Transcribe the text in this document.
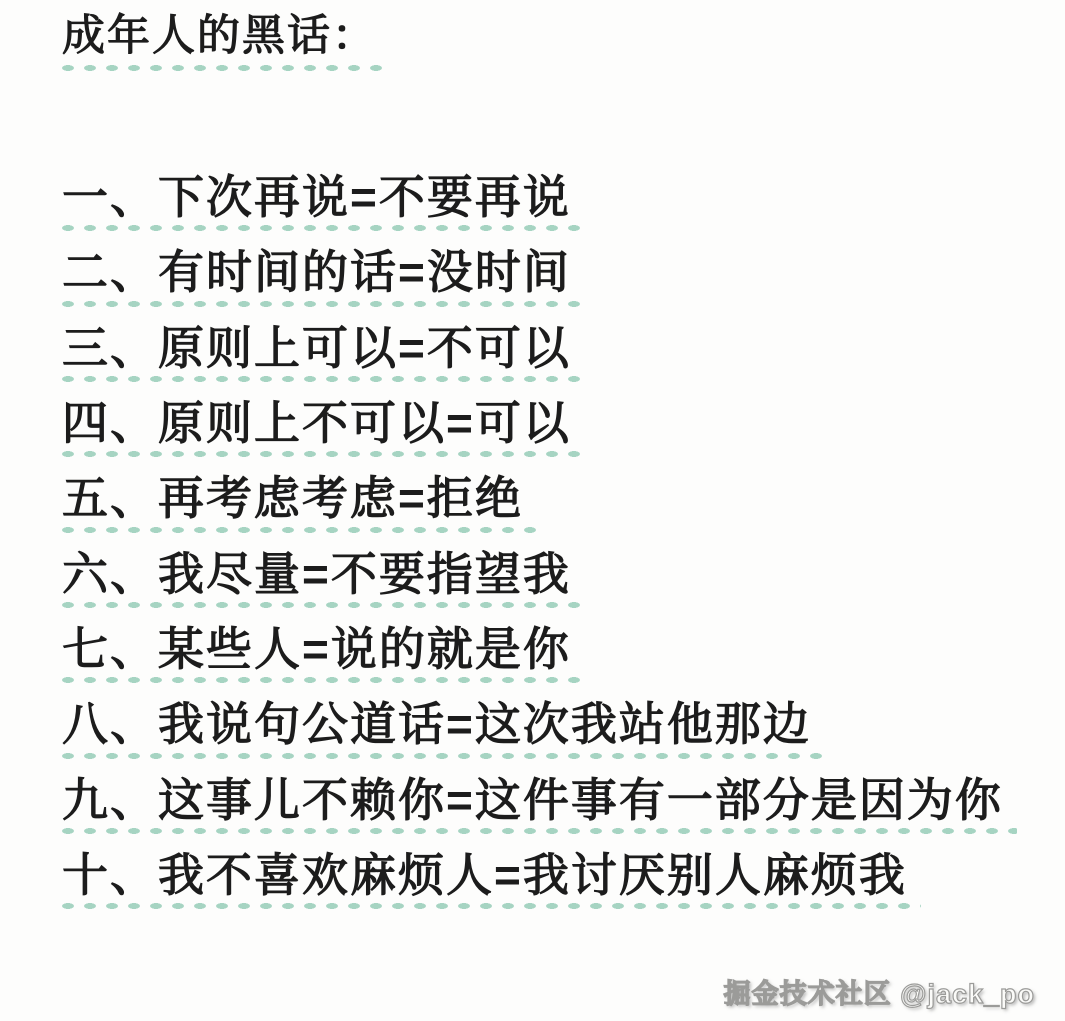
成年人的黑话：
一、下次再说=不要再说
二、有时间的话=没时间
三、原则上可以=不可以
四、原则上不可以=可以
五、再考虑考虑=拒绝
六、我尽量=不要指望我
七、某些人=说的就是你
八、我说句公道话=这次我站他那边
九、这事儿不赖你=这件事有一部分是因为你
十、我不喜欢麻烦人=我讨厌别人麻烦我
掘金技术社区 @jack_po
